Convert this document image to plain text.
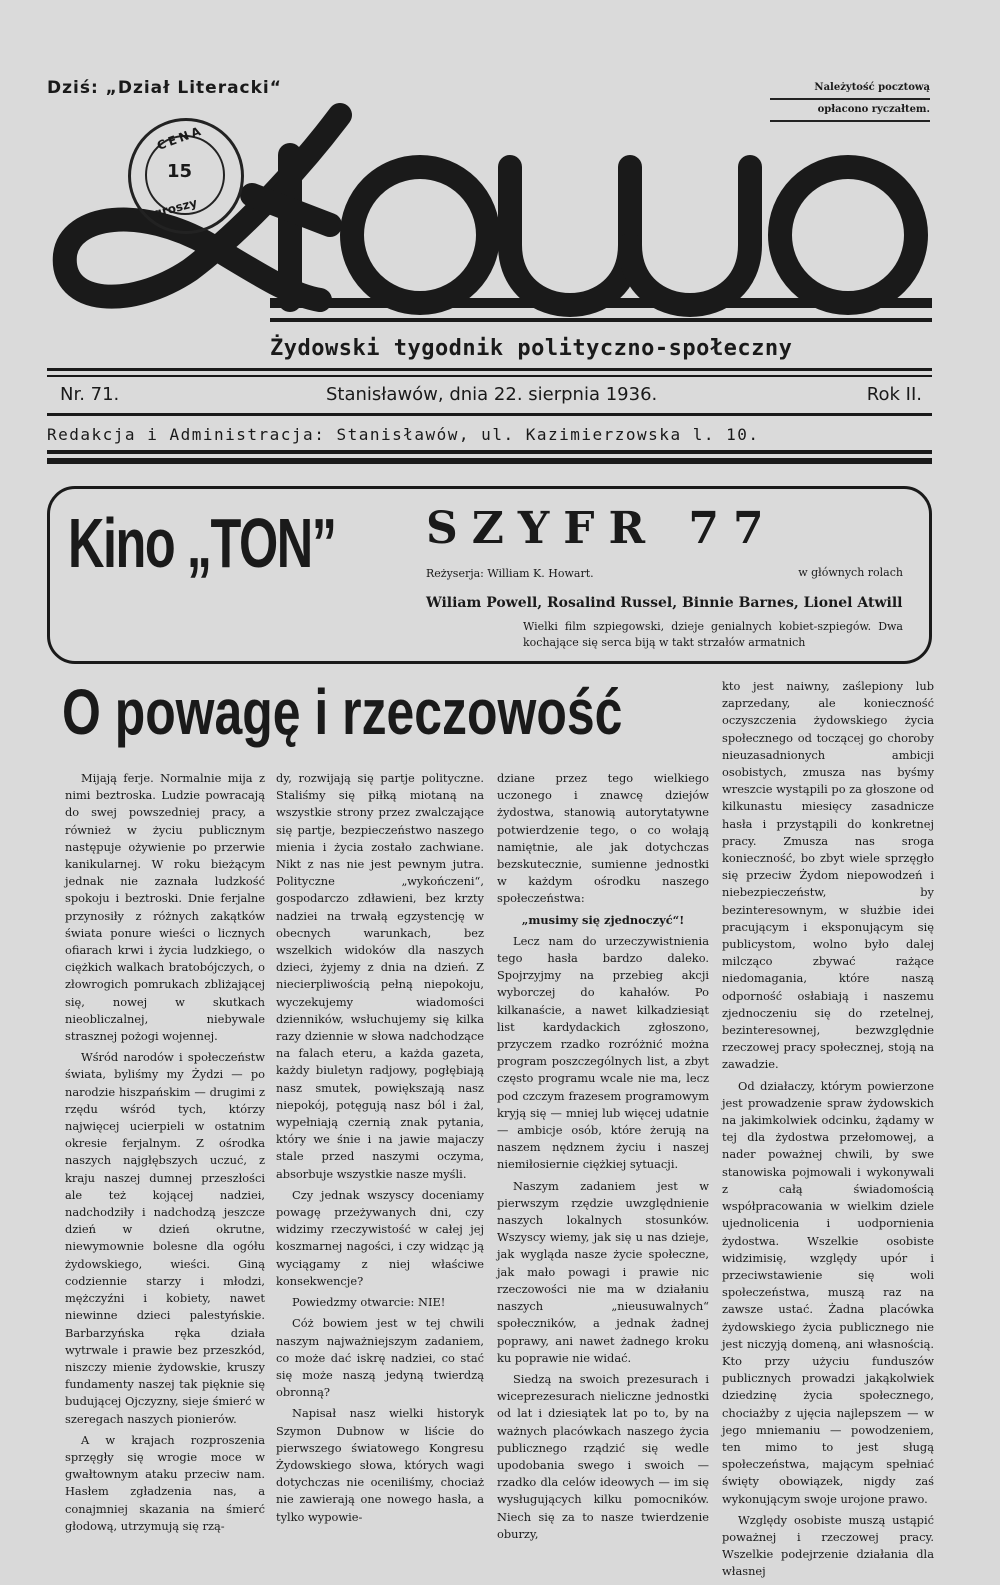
Dziś: „Dział Literacki“	Należytość pocztową
opłacono ryczałtem.
CENA
15
groszy
Żydowski tygodnik polityczno-społeczny
Nr. 71.	Stanisławów, dnia 22. sierpnia 1936.	Rok II.
Redakcja i Administracja: Stanisławów, ul. Kazimierzowska l. 10.
Kino „TON” SZYFR 77
Reżyserja: William K. Howart.	w głównych rolach
Wiliam Powell, Rosalind Russel, Binnie Barnes, Lionel Atwill
Wielki film szpiegowski, dzieje genialnych kobiet-szpiegów. Dwa kochające się serca biją w takt strzałów armatnich
O powagę i rzeczowość

Mijają ferje. Normalnie mija z nimi beztroska. Ludzie powracają do swej powszedniej pracy, a również w życiu publicznym następuje ożywienie po przerwie kanikularnej. W roku bieżącym jednak nie zaznała ludzkość spokoju i beztroski. Dnie ferjalne przynosiły z różnych zakątków świata ponure wieści o licznych ofiarach krwi i życia ludzkiego, o ciężkich walkach bratobójczych, o złowrogich pomrukach zbliżającej się, nowej w skutkach nieobliczalnej, niebywale strasznej pożogi wojennej.

Wśród narodów i społeczeństw świata, byliśmy my Żydzi — po narodzie hiszpańskim — drugimi z rzędu wśród tych, którzy najwięcej ucierpieli w ostatnim okresie ferjalnym. Z ośrodka naszych najgłębszych uczuć, z kraju naszej dumnej przeszłości ale też kojącej nadziei, nadchodziły i nadchodzą jeszcze dzień w dzień okrutne, niewymownie bolesne dla ogółu żydowskiego, wieści. Giną codziennie starzy i młodzi, mężczyźni i kobiety, nawet niewinne dzieci palestyńskie. Barbarzyńska ręka działa wytrwale i prawie bez przeszkód, niszczy mienie żydowskie, kruszy fundamenty naszej tak pięknie się budującej Ojczyzny, sieje śmierć w szeregach naszych pionierów.

A w krajach rozproszenia sprzęgły się wrogie moce w gwałtownym ataku przeciw nam. Hasłem zgładzenia nas, a conajmniej skazania na śmierć głodową, utrzymują się rzą-

dy, rozwijają się partje polityczne. Staliśmy się piłką miotaną na wszystkie strony przez zwalczające się partje, bezpieczeństwo naszego mienia i życia zostało zachwiane. Nikt z nas nie jest pewnym jutra. Polityczne „wykończeni“, gospodarczo zdławieni, bez krzty nadziei na trwałą egzystencję w obecnych warunkach, bez wszelkich widoków dla naszych dzieci, żyjemy z dnia na dzień. Z niecierpliwością pełną niepokoju, wyczekujemy wiadomości dzienników, wsłuchujemy się kilka razy dziennie w słowa nadchodzące na falach eteru, a każda gazeta, każdy biuletyn radjowy, pogłębiają nasz smutek, powiększają nasz niepokój, potęgują nasz ból i żal, wypełniają czernią znak pytania, który we śnie i na jawie majaczy stale przed naszymi oczyma, absorbuje wszystkie nasze myśli.

Czy jednak wszyscy doceniamy powagę przeżywanych dni, czy widzimy rzeczywistość w całej jej koszmarnej nagości, i czy widząc ją wyciągamy z niej właściwe konsekwencje?

Powiedzmy otwarcie: NIE!

Cóż bowiem jest w tej chwili naszym najważniejszym zadaniem, co może dać iskrę nadziei, co stać się może naszą jedyną twierdzą obronną?

Napisał nasz wielki historyk Szymon Dubnow w liście do pierwszego światowego Kongresu Żydowskiego słowa, których wagi dotychczas nie oceniliśmy, chociaż nie zawierają one nowego hasła, a tylko wypowie-

dziane przez tego wielkiego uczonego i znawcę dziejów żydostwa, stanowią autorytatywne potwierdzenie tego, o co wołają namiętnie, ale jak dotychczas bezskutecznie, sumienne jednostki w każdym ośrodku naszego społeczeństwa:

„musimy się zjednoczyć“!

Lecz nam do urzeczywistnienia tego hasła bardzo daleko. Spojrzyjmy na przebieg akcji wyborczej do kahałów. Po kilkanaście, a nawet kilkadziesiąt list kardydackich zgłoszono, przyczem rzadko rozróżnić można program poszczególnych list, a zbyt często programu wcale nie ma, lecz pod czczym frazesem programowym kryją się — mniej lub więcej udatnie — ambicje osób, które żerują na naszem nędznem życiu i naszej niemiłosiernie ciężkiej sytuacji.

Naszym zadaniem jest w pierwszym rzędzie uwzględnienie naszych lokalnych stosunków. Wszyscy wiemy, jak się u nas dzieje, jak wygląda nasze życie społeczne, jak mało powagi i prawie nic rzeczowości nie ma w działaniu naszych „nieusuwalnych“ społeczników, a jednak żadnej poprawy, ani nawet żadnego kroku ku poprawie nie widać.

Siedzą na swoich prezesurach i wiceprezesurach nieliczne jednostki od lat i dziesiątek lat po to, by na ważnych placówkach naszego życia publicznego rządzić się wedle upodobania swego i swoich — rzadko dla celów ideowych — im się wysługujących kilku pomocników. Niech się za to nasze twierdzenie oburzy,

kto jest naiwny, zaślepiony lub zaprzedany, ale konieczność oczyszczenia żydowskiego życia społecznego od toczącej go choroby nieuzasadnionych ambicji osobistych, zmusza nas byśmy wreszcie wystąpili po za głoszone od kilkunastu miesięcy zasadnicze hasła i przystąpili do konkretnej pracy. Zmusza nas sroga konieczność, bo zbyt wiele sprzęgło się przeciw Żydom niepowodzeń i niebezpieczeństw, by bezinteresownym, w służbie idei pracującym i eksponującym się publicystom, wolno było dalej milcząco zbywać rażące niedomagania, które naszą odporność osłabiają i naszemu zjednoczeniu się do rzetelnej, bezinteresownej, bezwzględnie rzeczowej pracy społecznej, stoją na zawadzie.

Od działaczy, którym powierzone jest prowadzenie spraw żydowskich na jakimkolwiek odcinku, żądamy w tej dla żydostwa przełomowej, a nader poważnej chwili, by swe stanowiska pojmowali i wykonywali z całą świadomością współpracowania w wielkim dziele ujednolicenia i uodpornienia żydostwa. Wszelkie osobiste widzimisię, względy upór i przeciwstawienie się woli społeczeństwa, muszą raz na zawsze ustać. Żadna placówka żydowskiego życia publicznego nie jest niczyją domeną, ani własnością. Kto przy użyciu funduszów publicznych prowadzi jakąkolwiek dziedzinę życia społecznego, chociażby z ujęcia najlepszem — w jego mniemaniu — powodzeniem, ten mimo to jest sługą społeczeństwa, mającym spełniać święty obowiązek, nigdy zaś wykonującym swoje urojone prawo.

Względy osobiste muszą ustąpić poważnej i rzeczowej pracy. Wszelkie podejrzenie działania dla własnej
